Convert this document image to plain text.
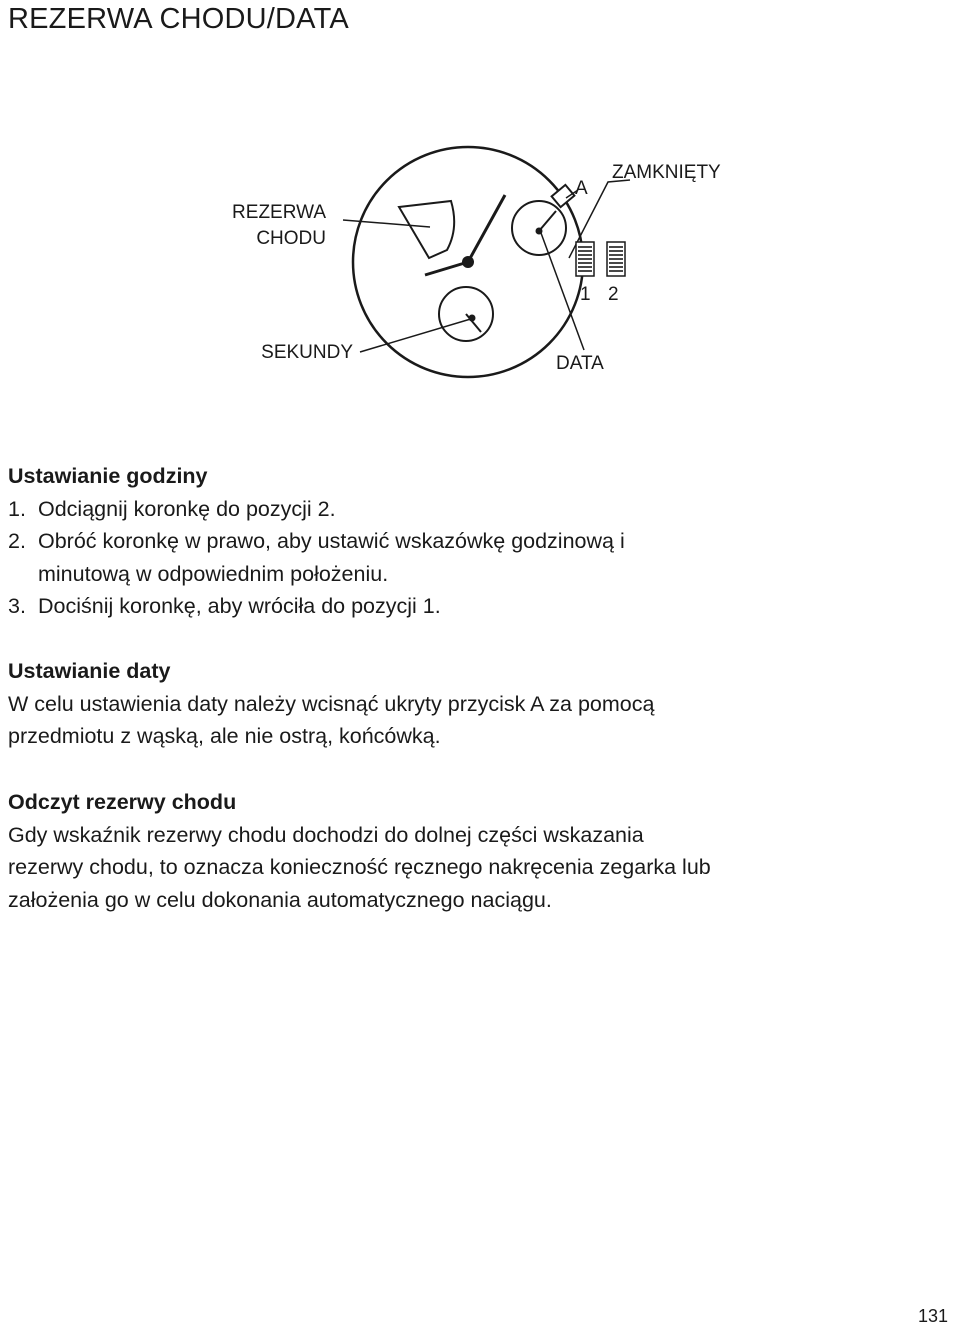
REZERWA CHODU/DATA
REZERWA
CHODU
SEKUNDY
A
ZAMKNIĘTY
1 2
DATA
Ustawianie godziny
1. Odciągnij koronkę do pozycji 2.
2. Obróć koronkę w prawo, aby ustawić wskazówkę godzinową i
minutową w odpowiednim położeniu.
3. Dociśnij koronkę, aby wróciła do pozycji 1.
Ustawianie daty

W celu ustawienia daty należy wcisnąć ukryty przycisk A za pomocą

przedmiotu z wąską, ale nie ostrą, końcówką.

Odczyt rezerwy chodu

Gdy wskaźnik rezerwy chodu dochodzi do dolnej części wskazania

rezerwy chodu, to oznacza konieczność ręcznego nakręcenia zegarka lub

założenia go w celu dokonania automatycznego naciągu.

131
